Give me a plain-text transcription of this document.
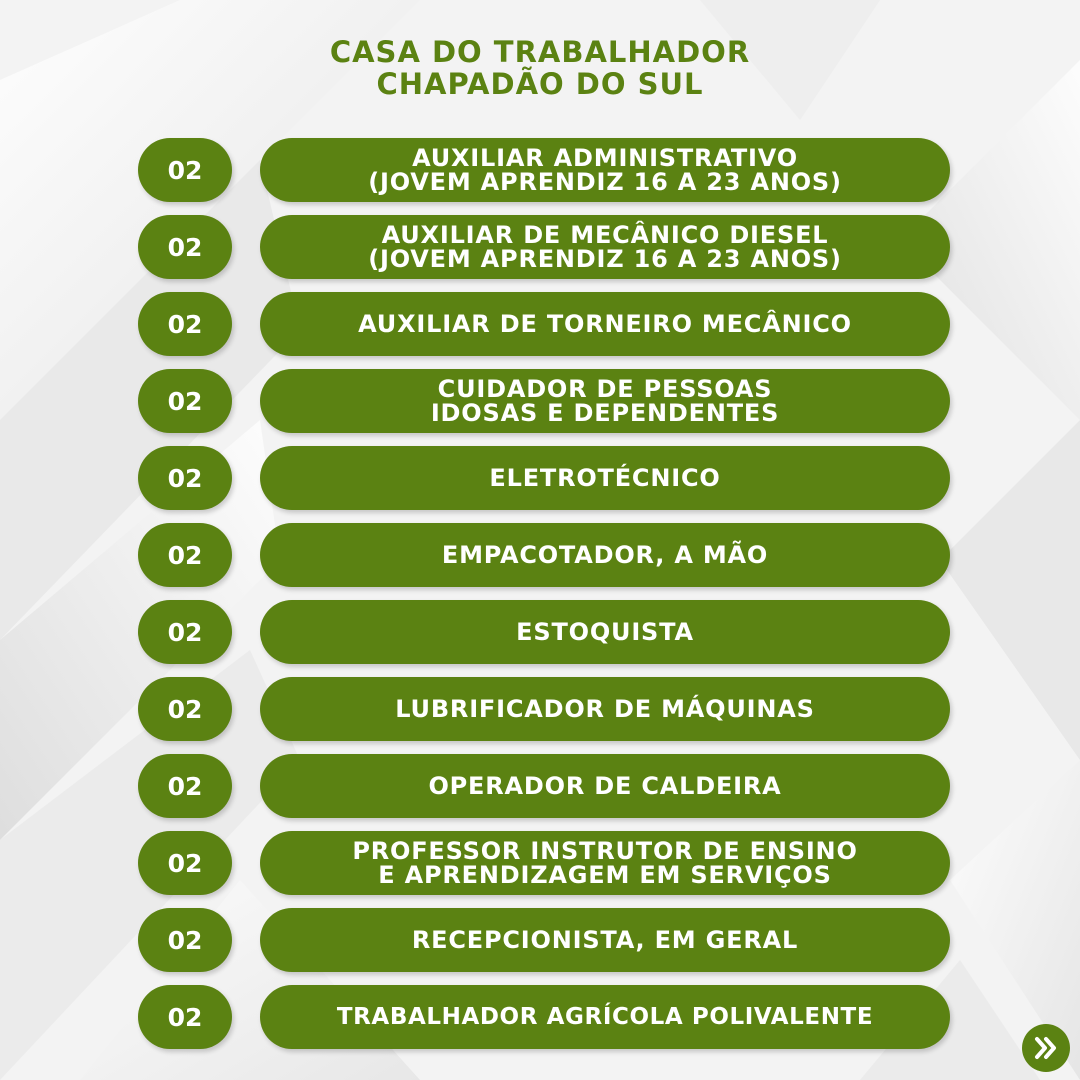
CASA DO TRABALHADOR
CHAPADÃO DO SUL
02	AUXILIAR ADMINISTRATIVO
(JOVEM APRENDIZ 16 A 23 ANOS)
02	AUXILIAR DE MECÂNICO DIESEL
(JOVEM APRENDIZ 16 A 23 ANOS)
02	AUXILIAR DE TORNEIRO MECÂNICO
02	CUIDADOR DE PESSOAS
IDOSAS E DEPENDENTES
02	ELETROTÉCNICO
02	EMPACOTADOR, A MÃO
02	ESTOQUISTA
02	LUBRIFICADOR DE MÁQUINAS
02	OPERADOR DE CALDEIRA
02	PROFESSOR INSTRUTOR DE ENSINO
E APRENDIZAGEM EM SERVIÇOS
02	RECEPCIONISTA, EM GERAL
02	TRABALHADOR AGRÍCOLA POLIVALENTE
